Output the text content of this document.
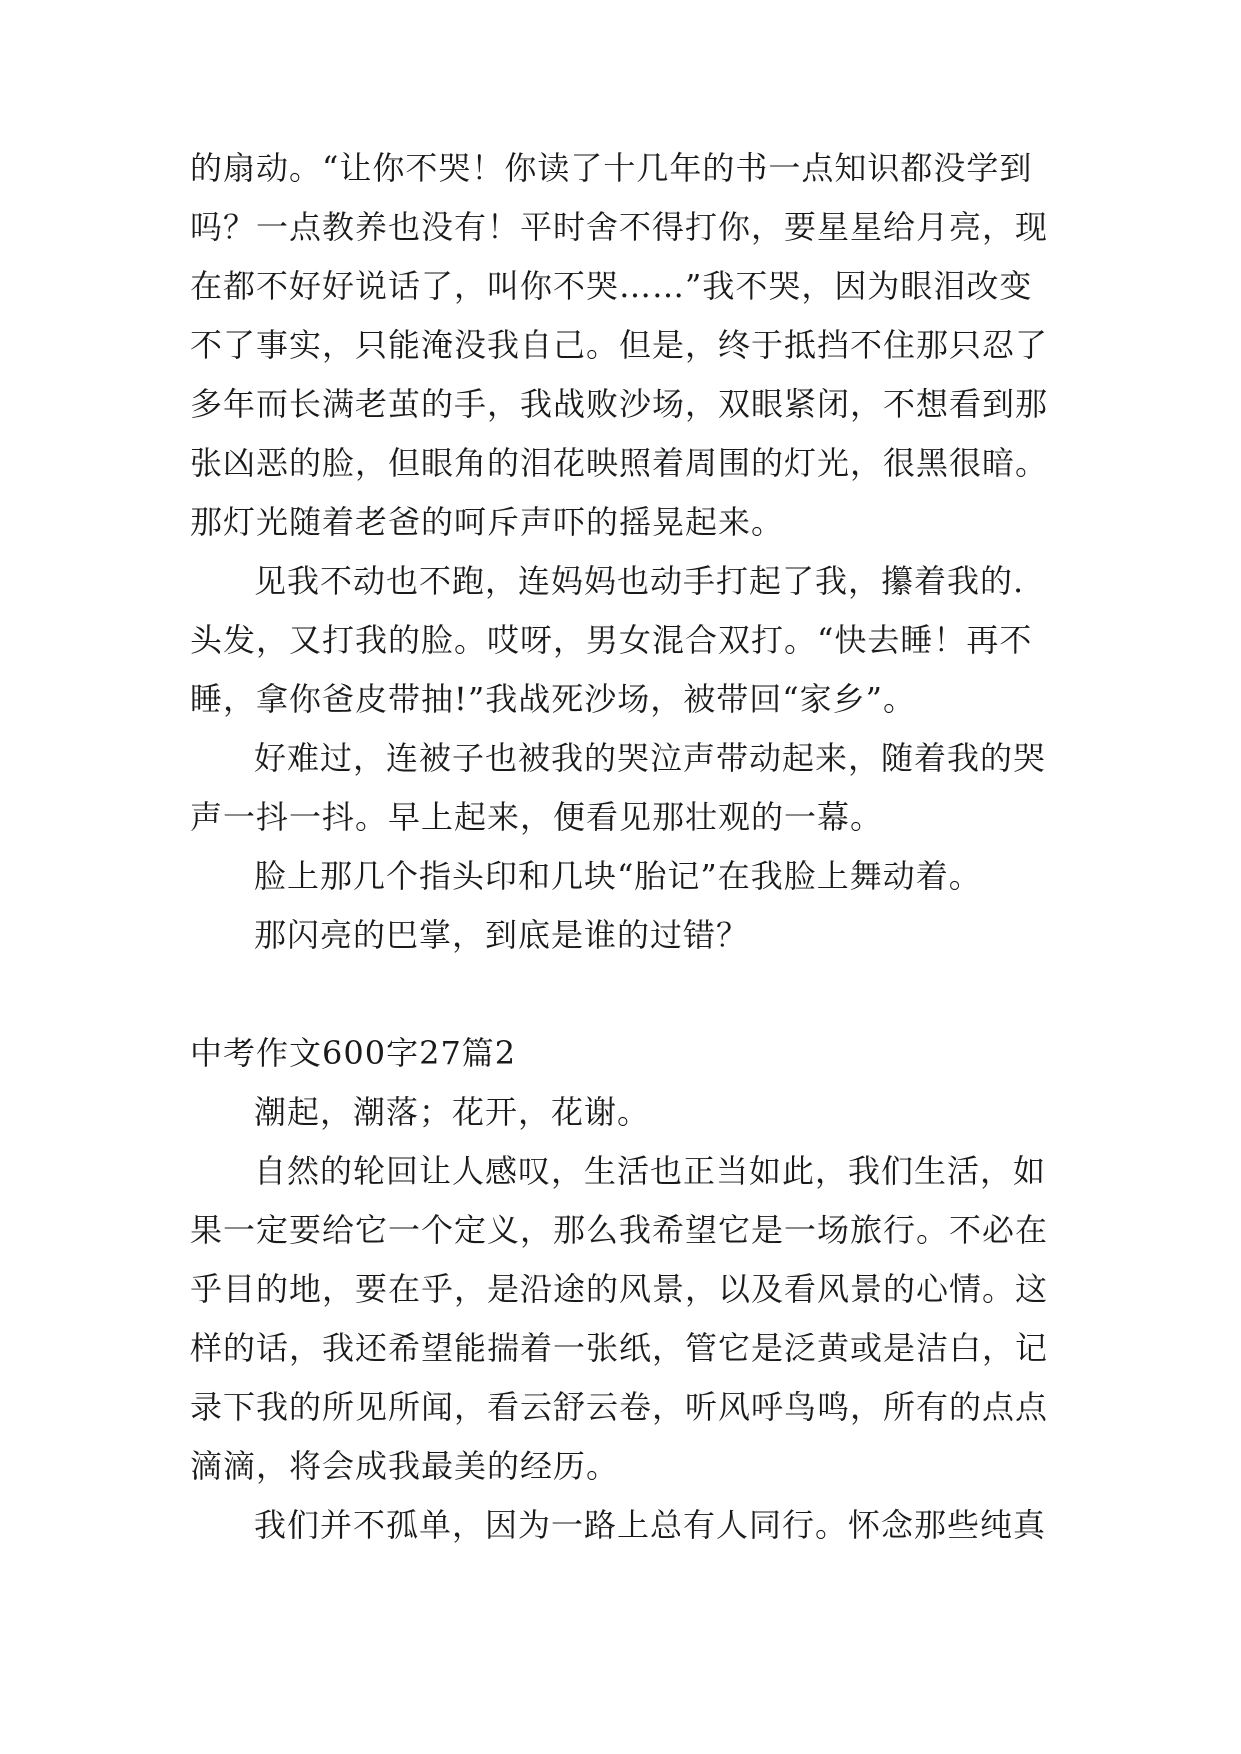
的扇动。“让你不哭！你读了十几年的书一点知识都没学到
吗？一点教养也没有！平时舍不得打你，要星星给月亮，现
在都不好好说话了，叫你不哭……”我不哭，因为眼泪改变
不了事实，只能淹没我自己。但是，终于抵挡不住那只忍了
多年而长满老茧的手，我战败沙场，双眼紧闭，不想看到那
张凶恶的脸，但眼角的泪花映照着周围的灯光，很黑很暗。
那灯光随着老爸的呵斥声吓的摇晃起来。
见我不动也不跑，连妈妈也动手打起了我，攥着我的.
头发，又打我的脸。哎呀，男女混合双打。“快去睡！再不
睡，拿你爸皮带抽!”我战死沙场，被带回“家乡”。
好难过，连被子也被我的哭泣声带动起来，随着我的哭
声一抖一抖。早上起来，便看见那壮观的一幕。
脸上那几个指头印和几块“胎记”在我脸上舞动着。
那闪亮的巴掌，到底是谁的过错？
中考作文600字27篇2
潮起，潮落；花开，花谢。
自然的轮回让人感叹，生活也正当如此，我们生活，如
果一定要给它一个定义，那么我希望它是一场旅行。不必在
乎目的地，要在乎，是沿途的风景，以及看风景的心情。这
样的话，我还希望能揣着一张纸，管它是泛黄或是洁白，记
录下我的所见所闻，看云舒云卷，听风呼鸟鸣，所有的点点
滴滴，将会成我最美的经历。
我们并不孤单，因为一路上总有人同行。怀念那些纯真
